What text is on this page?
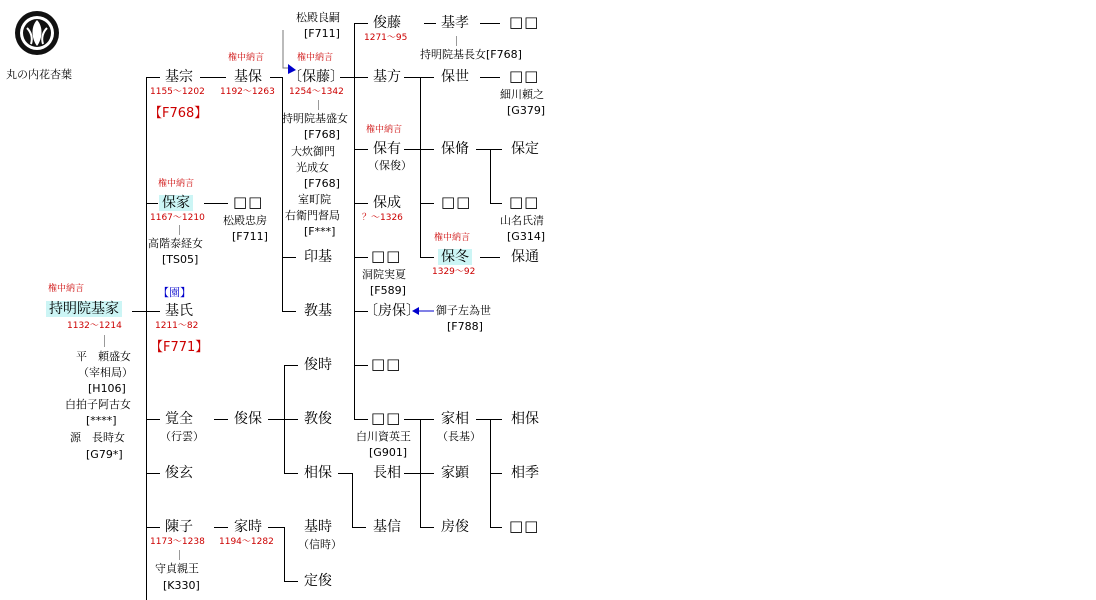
丸の内花杏葉
権中納言
持明院基家
1132〜1214
平　頼盛女
（宰相局）
[H106]
白拍子阿古女
[****]
源　長時女
[G79*]
基宗
1155〜1202
【F768】
権中納言
保家
1167〜1210
高階泰経女
[TS05]
【園】
基氏
1211〜82
【F771】
覚全
（行雲）
俊玄
陳子
1173〜1238
守貞親王
[K330]
権中納言
基保
1192〜1263
□□
松殿忠房
[F711]
俊保
家時
1194〜1282
松殿良嗣
[F711]
権中納言
〔保藤〕
1254〜1342
持明院基盛女
[F768]
大炊御門
光成女
[F768]
室町院
右衛門督局
[F***]
印基
教基
俊時
教俊
相保
基時
（信時）
定俊
俊藤
1271〜95
基方
権中納言
保有
（保俊）
保成
？〜1326
□□
洞院実夏
[F589]
〔房保〕 御子左為世
[F788]
□□
□□
白川資英王
[G901]
長相
基信
基孝
持明院基長女[F768]
保世
保脩
□□
権中納言
保冬
1329〜92
家相
（長基）
家顕
房俊
□□
□□
細川頼之
[G379]
保定
□□
山名氏清
[G314]
保通
相保
相季
□□
